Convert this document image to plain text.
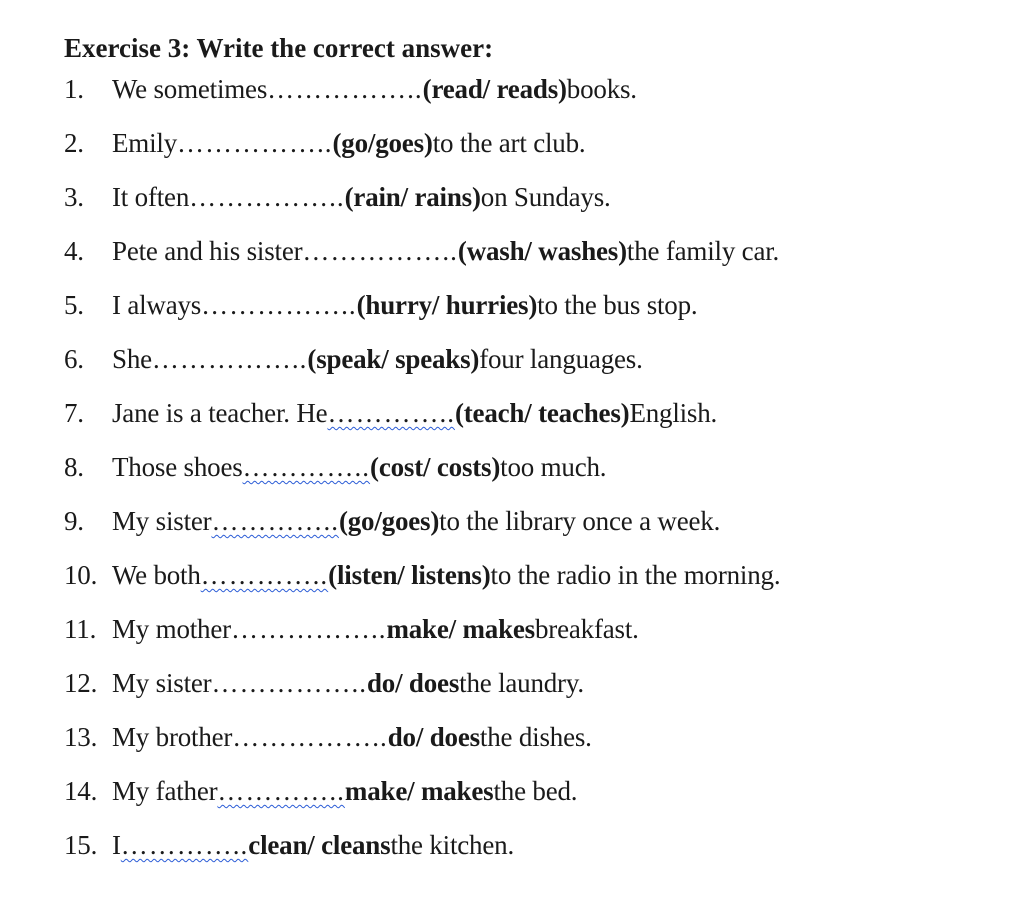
Exercise 3: Write the correct answer:
1.	We sometimes …………….. (read/ reads) books.
2.	Emily …………….. (go/goes) to the art club.
3.	It often …………….. (rain/ rains) on Sundays.
4.	Pete and his sister …………….. (wash/ washes) the family car.
5.	I always …………….. (hurry/ hurries) to the bus stop.
6.	She …………….. (speak/ speaks) four languages.
7.	Jane is a teacher. He ………….. (teach/ teaches) English.
8.	Those shoes ………….. (cost/ costs) too much.
9.	My sister ………….. (go/goes) to the library once a week.
10. We both ………….. (listen/ listens) to the radio in the morning.
11. My mother …………….. make/ makes breakfast.
12. My sister …………….. do/ does the laundry.
13. My brother …………….. do/ does the dishes.
14. My father ………….. make/ makes the bed.
15. I ………….. clean/ cleans the kitchen.
